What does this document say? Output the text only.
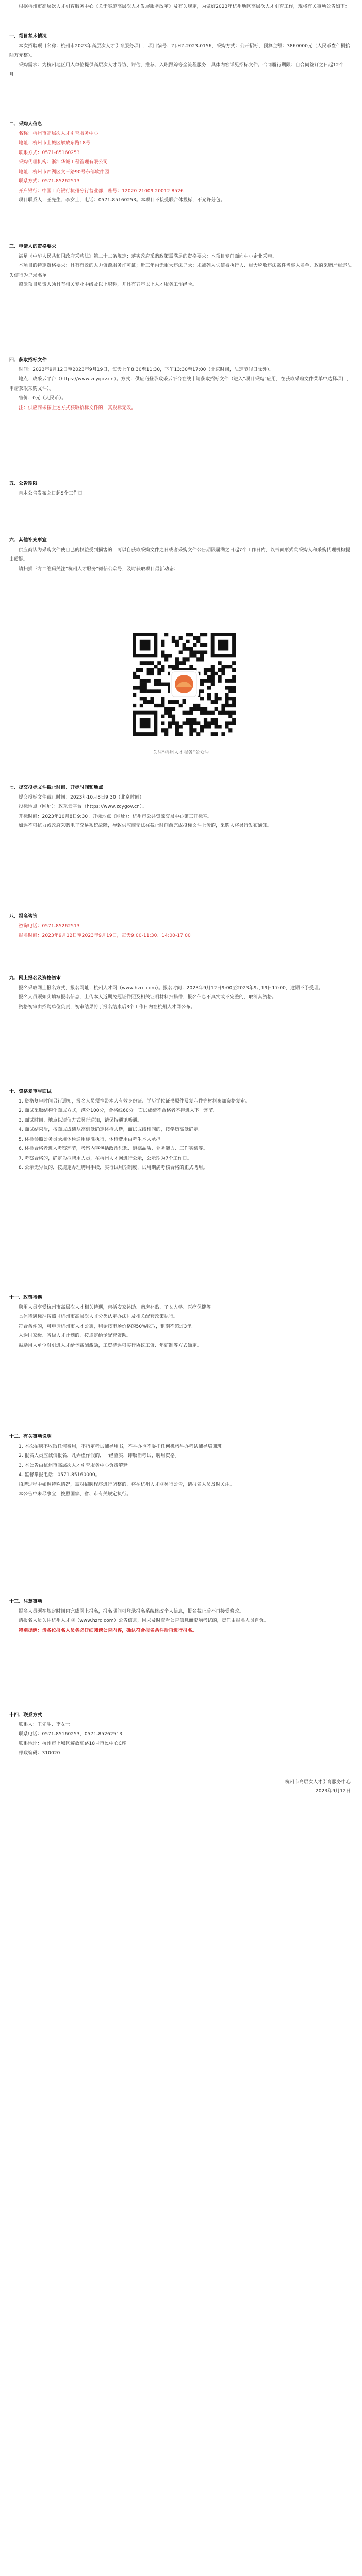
根据杭州市高层次人才引育服务中心《关于实施高层次人才发展服务改革》及有关规定，为做好2023年杭州地区高层次人才引育工作，现将有关事项公告如下：

一、项目基本情况

本次招聘项目名称：杭州市2023年高层次人才引育服务项目，项目编号：ZJ-HZ-2023-0156，采购方式：公开招标，预算金额：3860000元（人民币叁佰捌拾陆万元整）。

采购需求：为杭州地区用人单位提供高层次人才寻访、评估、推荐、入职跟踪等全流程服务，具体内容详见招标文件。合同履行期限：自合同签订之日起12个月。

二、采购人信息

名称：杭州市高层次人才引育服务中心

地址：杭州市上城区解放东路18号

联系方式：0571-85160253

采购代理机构：浙江华诚工程管理有限公司

地址：杭州市西湖区文三路90号东部软件园

联系方式：0571-85262513

开户银行：中国工商银行杭州分行营业部，账号：12020 21009 20012 8526

项目联系人：王先生、李女士，电话：0571-85160253。本项目不接受联合体投标，不允许分包。

三、申请人的资格要求

满足《中华人民共和国政府采购法》第二十二条规定；落实政府采购政策需满足的资格要求：本项目专门面向中小企业采购。

本项目的特定资格要求：具有有效的人力资源服务许可证；近三年内无重大违法记录；未被列入失信被执行人、重大税收违法案件当事人名单、政府采购严重违法失信行为记录名单。

拟派项目负责人须具有相关专业中级及以上职称，并具有五年以上人才服务工作经验。

四、获取招标文件

时间：2023年9月12日至2023年9月19日，每天上午8:30至11:30，下午13:30至17:00（北京时间，法定节假日除外）。

地点：政采云平台（https://www.zcygov.cn）。方式：供应商登录政采云平台在线申请获取招标文件（进入“项目采购”应用，在获取采购文件菜单中选择项目，申请获取采购文件）。

售价：0元（人民币）。

注：供应商未按上述方式获取招标文件的，其投标无效。

五、公告期限

自本公告发布之日起5个工作日。

六、其他补充事宜

供应商认为采购文件使自己的权益受到损害的，可以自获取采购文件之日或者采购文件公告期限届满之日起7个工作日内，以书面形式向采购人和采购代理机构提出质疑。

请扫描下方二维码关注“杭州人才服务”微信公众号，及时获取项目最新动态：

关注“杭州人才服务”公众号
七、提交投标文件截止时间、开标时间和地点

提交投标文件截止时间：2023年10月8日9:30（北京时间）。

投标地点（网址）：政采云平台（https://www.zcygov.cn）。

开标时间：2023年10月8日9:30。开标地点（网址）：杭州市公共资源交易中心第三开标室。

如遇不可抗力或政府采购电子交易系统故障，导致供应商无法在截止时间前完成投标文件上传的，采购人将另行发布通知。

八、报名咨询

咨询电话：0571-85262513

报名时间：2023年9月12日至2023年9月19日，每天9:00-11:30、14:00-17:00

九、网上报名及资格初审

报名采取网上报名方式，报名网址：杭州人才网（www.hzrc.com）。报名时间：2023年9月12日9:00至2023年9月19日17:00，逾期不予受理。

报名人员须如实填写报名信息，上传本人近期免冠证件照及相关证明材料扫描件，报名信息不真实或不完整的，取消其资格。

资格初审由招聘单位负责，初审结果将于报名结束后3个工作日内在杭州人才网公布。

十、资格复审与面试

1. 资格复审时间另行通知，报名人员须携带本人有效身份证、学历学位证书原件及复印件等材料参加资格复审。

2. 面试采取结构化面试方式，满分100分，合格线60分。面试成绩不合格者不得进入下一环节。

3. 面试时间、地点以短信方式另行通知，请保持通讯畅通。

4. 面试结束后，按面试成绩从高到低确定体检人选，面试成绩相同的，按学历高低确定。

5. 体检参照公务员录用体检通用标准执行，体检费用由考生本人承担。

6. 体检合格者进入考察环节，考察内容包括政治思想、道德品质、业务能力、工作实绩等。

7. 考察合格的，确定为拟聘用人员，在杭州人才网进行公示，公示期为7个工作日。

8. 公示无异议的，按规定办理聘用手续，实行试用期制度，试用期满考核合格的正式聘用。

十一、政策待遇

聘用人员享受杭州市高层次人才相关待遇，包括安家补助、购房补贴、子女入学、医疗保健等。

具体待遇标准按照《杭州市高层次人才分类认定办法》及相关配套政策执行。

符合条件的，可申请杭州市人才公寓，租金按市场价格的50%收取，租期不超过3年。

入选国家级、省级人才计划的，按规定给予配套资助。

鼓励用人单位对引进人才给予薪酬激励，工资待遇可实行协议工资、年薪制等方式确定。

十二、有关事项说明

1. 本次招聘不收取任何费用，不指定考试辅导用书，不举办也不委托任何机构举办考试辅导培训班。

2. 报名人员应诚信报名，凡弄虚作假的，一经查实，即取消考试、聘用资格。

3. 本公告由杭州市高层次人才引育服务中心负责解释。

4. 监督举报电话：0571-85160000。

招聘过程中如遇特殊情况，需对招聘程序进行调整的，将在杭州人才网另行公告，请报名人员及时关注。

本公告中未尽事宜，按照国家、省、市有关规定执行。

十三、注意事项

报名人员须在规定时间内完成网上报名，报名期间可登录报名系统修改个人信息，报名截止后不再接受修改。

请报名人员关注杭州人才网（www.hzrc.com）公告信息，因未及时查看公告信息而影响考试的，责任由报名人员自负。

特别提醒：请各位报名人员务必仔细阅读公告内容，确认符合报名条件后再进行报名。

十四、联系方式

联系人：王先生、李女士

联系电话：0571-85160253，0571-85262513

联系地址：杭州市上城区解放东路18号市民中心C座

邮政编码：310020

杭州市高层次人才引育服务中心
2023年9月12日
